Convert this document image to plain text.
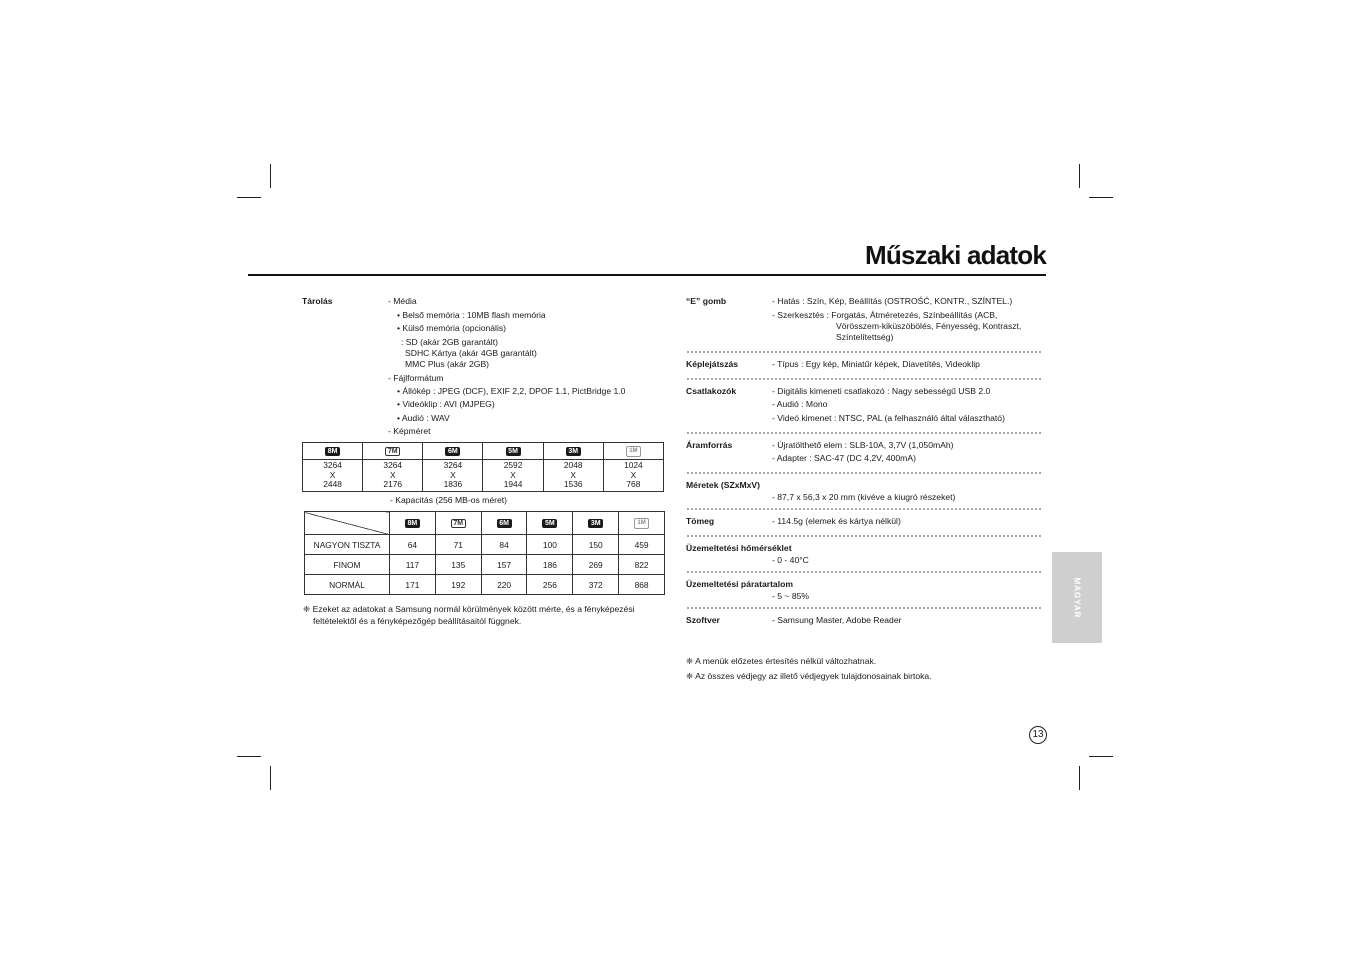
Műszaki adatok
Tárolás	- Média
• Belső memória : 10MB flash memória
• Külső memória (opcionális)
: SD (akár 2GB garantált)
SDHC Kártya (akár 4GB garantált)
MMC Plus (akár 2GB)
- Fájlformátum
• Állókép : JPEG (DCF), EXIF 2,2, DPOF 1.1, PictBridge 1.0
• Videóklip : AVI (MJPEG)
• Audió : WAV
- Képméret
8M	7M	6M	5M	3M	1M
3264
X
2448	3264
X
2176	3264
X
1836	2592
X
1944	2048
X
1536	1024
X
768
- Kapacitás (256 MB-os méret)
	8M	7M	6M	5M	3M	1M
NAGYON TISZTA	64	71	84	100	150	459
FINOM	117	135	157	186	269	822
NORMÁL	171	192	220	256	372	868
❈ Ezeket az adatokat a Samsung normál körülmények között mérte, és a fényképezési
feltételektől és a fényképezőgép beállításaitól függnek.
“E” gomb	- Hatás : Szín, Kép, Beállítás (OSTROŚĆ, KONTR., SZÍNTEL.)
- Szerkesztés : Forgatás, Átméretezés, Színbeállítás (ACB,
Vörösszem-kiküszöbölés, Fényesség, Kontraszt,
Színtelítettség)
Képlejátszás	- Típus : Egy kép, Miniatűr képek, Diavetítés, Videoklip
Csatlakozók	- Digitális kimeneti csatlakozó : Nagy sebességű USB 2.0
- Audió : Mono
- Videó kimenet : NTSC, PAL (a felhasználó által választható)
Áramforrás	- Újratölthető elem : SLB-10A, 3,7V (1,050mAh)
- Adapter : SAC-47 (DC 4,2V, 400mA)
Méretek (SZxMxV)
- 87,7 x 56,3 x 20 mm (kivéve a kiugró részeket)
Tömeg	- 114.5g (elemek és kártya nélkül)
Üzemeltetési hőmérséklet
- 0 - 40°C
Üzemeltetési páratartalom
- 5 ~ 85%
Szoftver	- Samsung Master, Adobe Reader
❈ A menük előzetes értesítés nélkül változhatnak.
❈ Az összes védjegy az illető védjegyek tulajdonosainak birtoka.
MAGYAR
13
